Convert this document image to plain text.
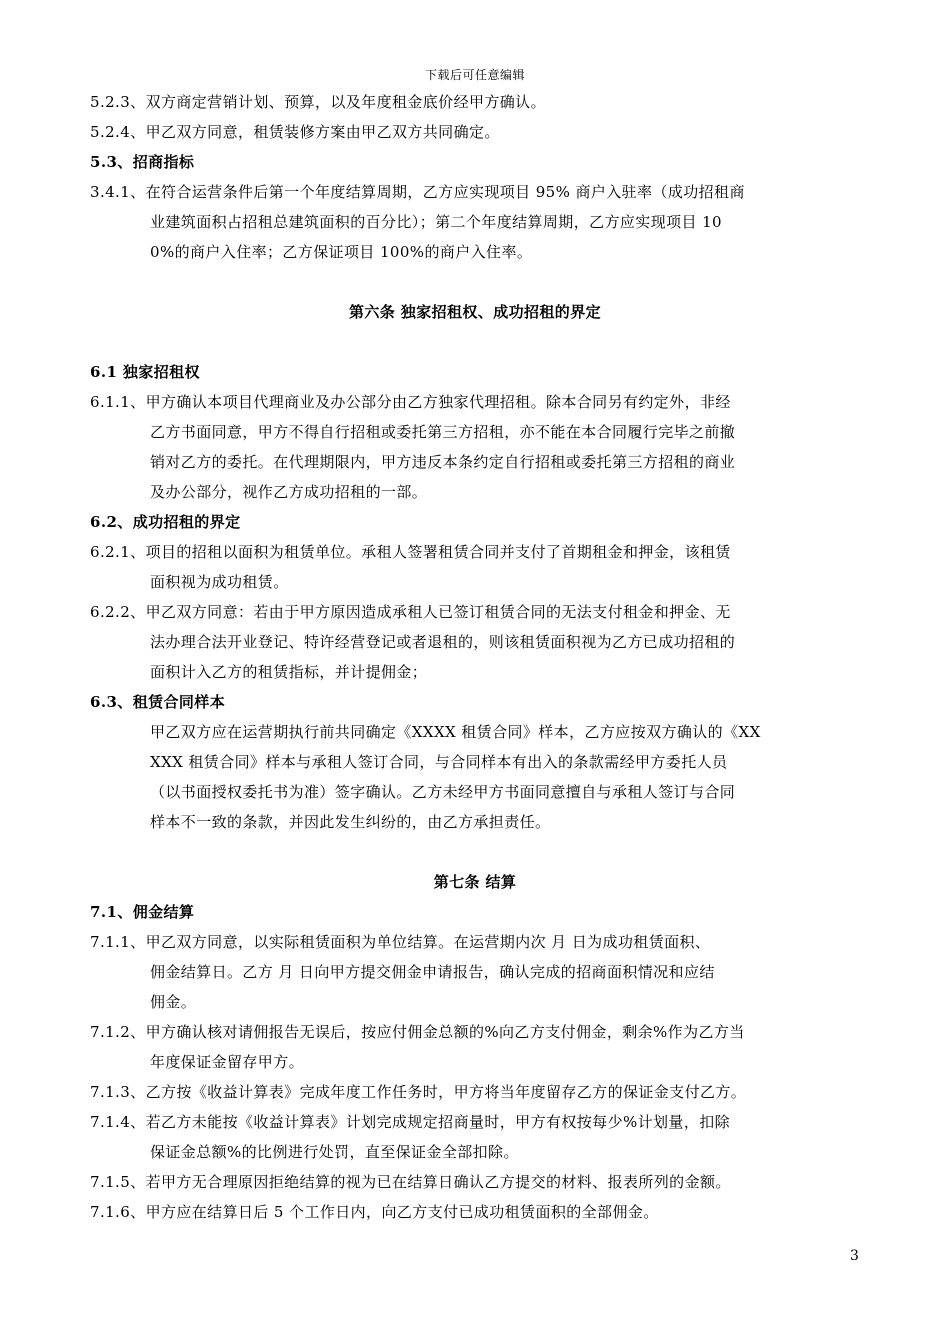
下载后可任意编辑
5.2.3、双方商定营销计划、预算，以及年度租金底价经甲方确认。
5.2.4、甲乙双方同意，租赁装修方案由甲乙双方共同确定。
5.3、招商指标
3.4.1、在符合运营条件后第一个年度结算周期，乙方应实现项目 95% 商户入驻率（成功招租商
业建筑面积占招租总建筑面积的百分比）；第二个年度结算周期，乙方应实现项目 10
0%的商户入住率；乙方保证项目 100%的商户入住率。
第六条 独家招租权、成功招租的界定
6.1 独家招租权
6.1.1、甲方确认本项目代理商业及办公部分由乙方独家代理招租。除本合同另有约定外，非经
乙方书面同意，甲方不得自行招租或委托第三方招租，亦不能在本合同履行完毕之前撤
销对乙方的委托。在代理期限内，甲方违反本条约定自行招租或委托第三方招租的商业
及办公部分，视作乙方成功招租的一部。
6.2、成功招租的界定
6.2.1、项目的招租以面积为租赁单位。承租人签署租赁合同并支付了首期租金和押金，该租赁
面积视为成功租赁。
6.2.2、甲乙双方同意：若由于甲方原因造成承租人已签订租赁合同的无法支付租金和押金、无
法办理合法开业登记、特许经营登记或者退租的，则该租赁面积视为乙方已成功招租的
面积计入乙方的租赁指标，并计提佣金；
6.3、租赁合同样本
甲乙双方应在运营期执行前共同确定《XXXX 租赁合同》样本，乙方应按双方确认的《XX
XXX 租赁合同》样本与承租人签订合同，与合同样本有出入的条款需经甲方委托人员
（以书面授权委托书为准）签字确认。乙方未经甲方书面同意擅自与承租人签订与合同
样本不一致的条款，并因此发生纠纷的，由乙方承担责任。
第七条 结算
7.1、佣金结算
7.1.1、甲乙双方同意，以实际租赁面积为单位结算。在运营期内次 月 日为成功租赁面积、
佣金结算日。乙方 月 日向甲方提交佣金申请报告，确认完成的招商面积情况和应结
佣金。
7.1.2、甲方确认核对请佣报告无误后，按应付佣金总额的%向乙方支付佣金，剩余%作为乙方当
年度保证金留存甲方。
7.1.3、乙方按《收益计算表》完成年度工作任务时，甲方将当年度留存乙方的保证金支付乙方。
7.1.4、若乙方未能按《收益计算表》计划完成规定招商量时，甲方有权按每少%计划量，扣除
保证金总额%的比例进行处罚，直至保证金全部扣除。
7.1.5、若甲方无合理原因拒绝结算的视为已在结算日确认乙方提交的材料、报表所列的金额。
7.1.6、甲方应在结算日后 5 个工作日内，向乙方支付已成功租赁面积的全部佣金。
3
